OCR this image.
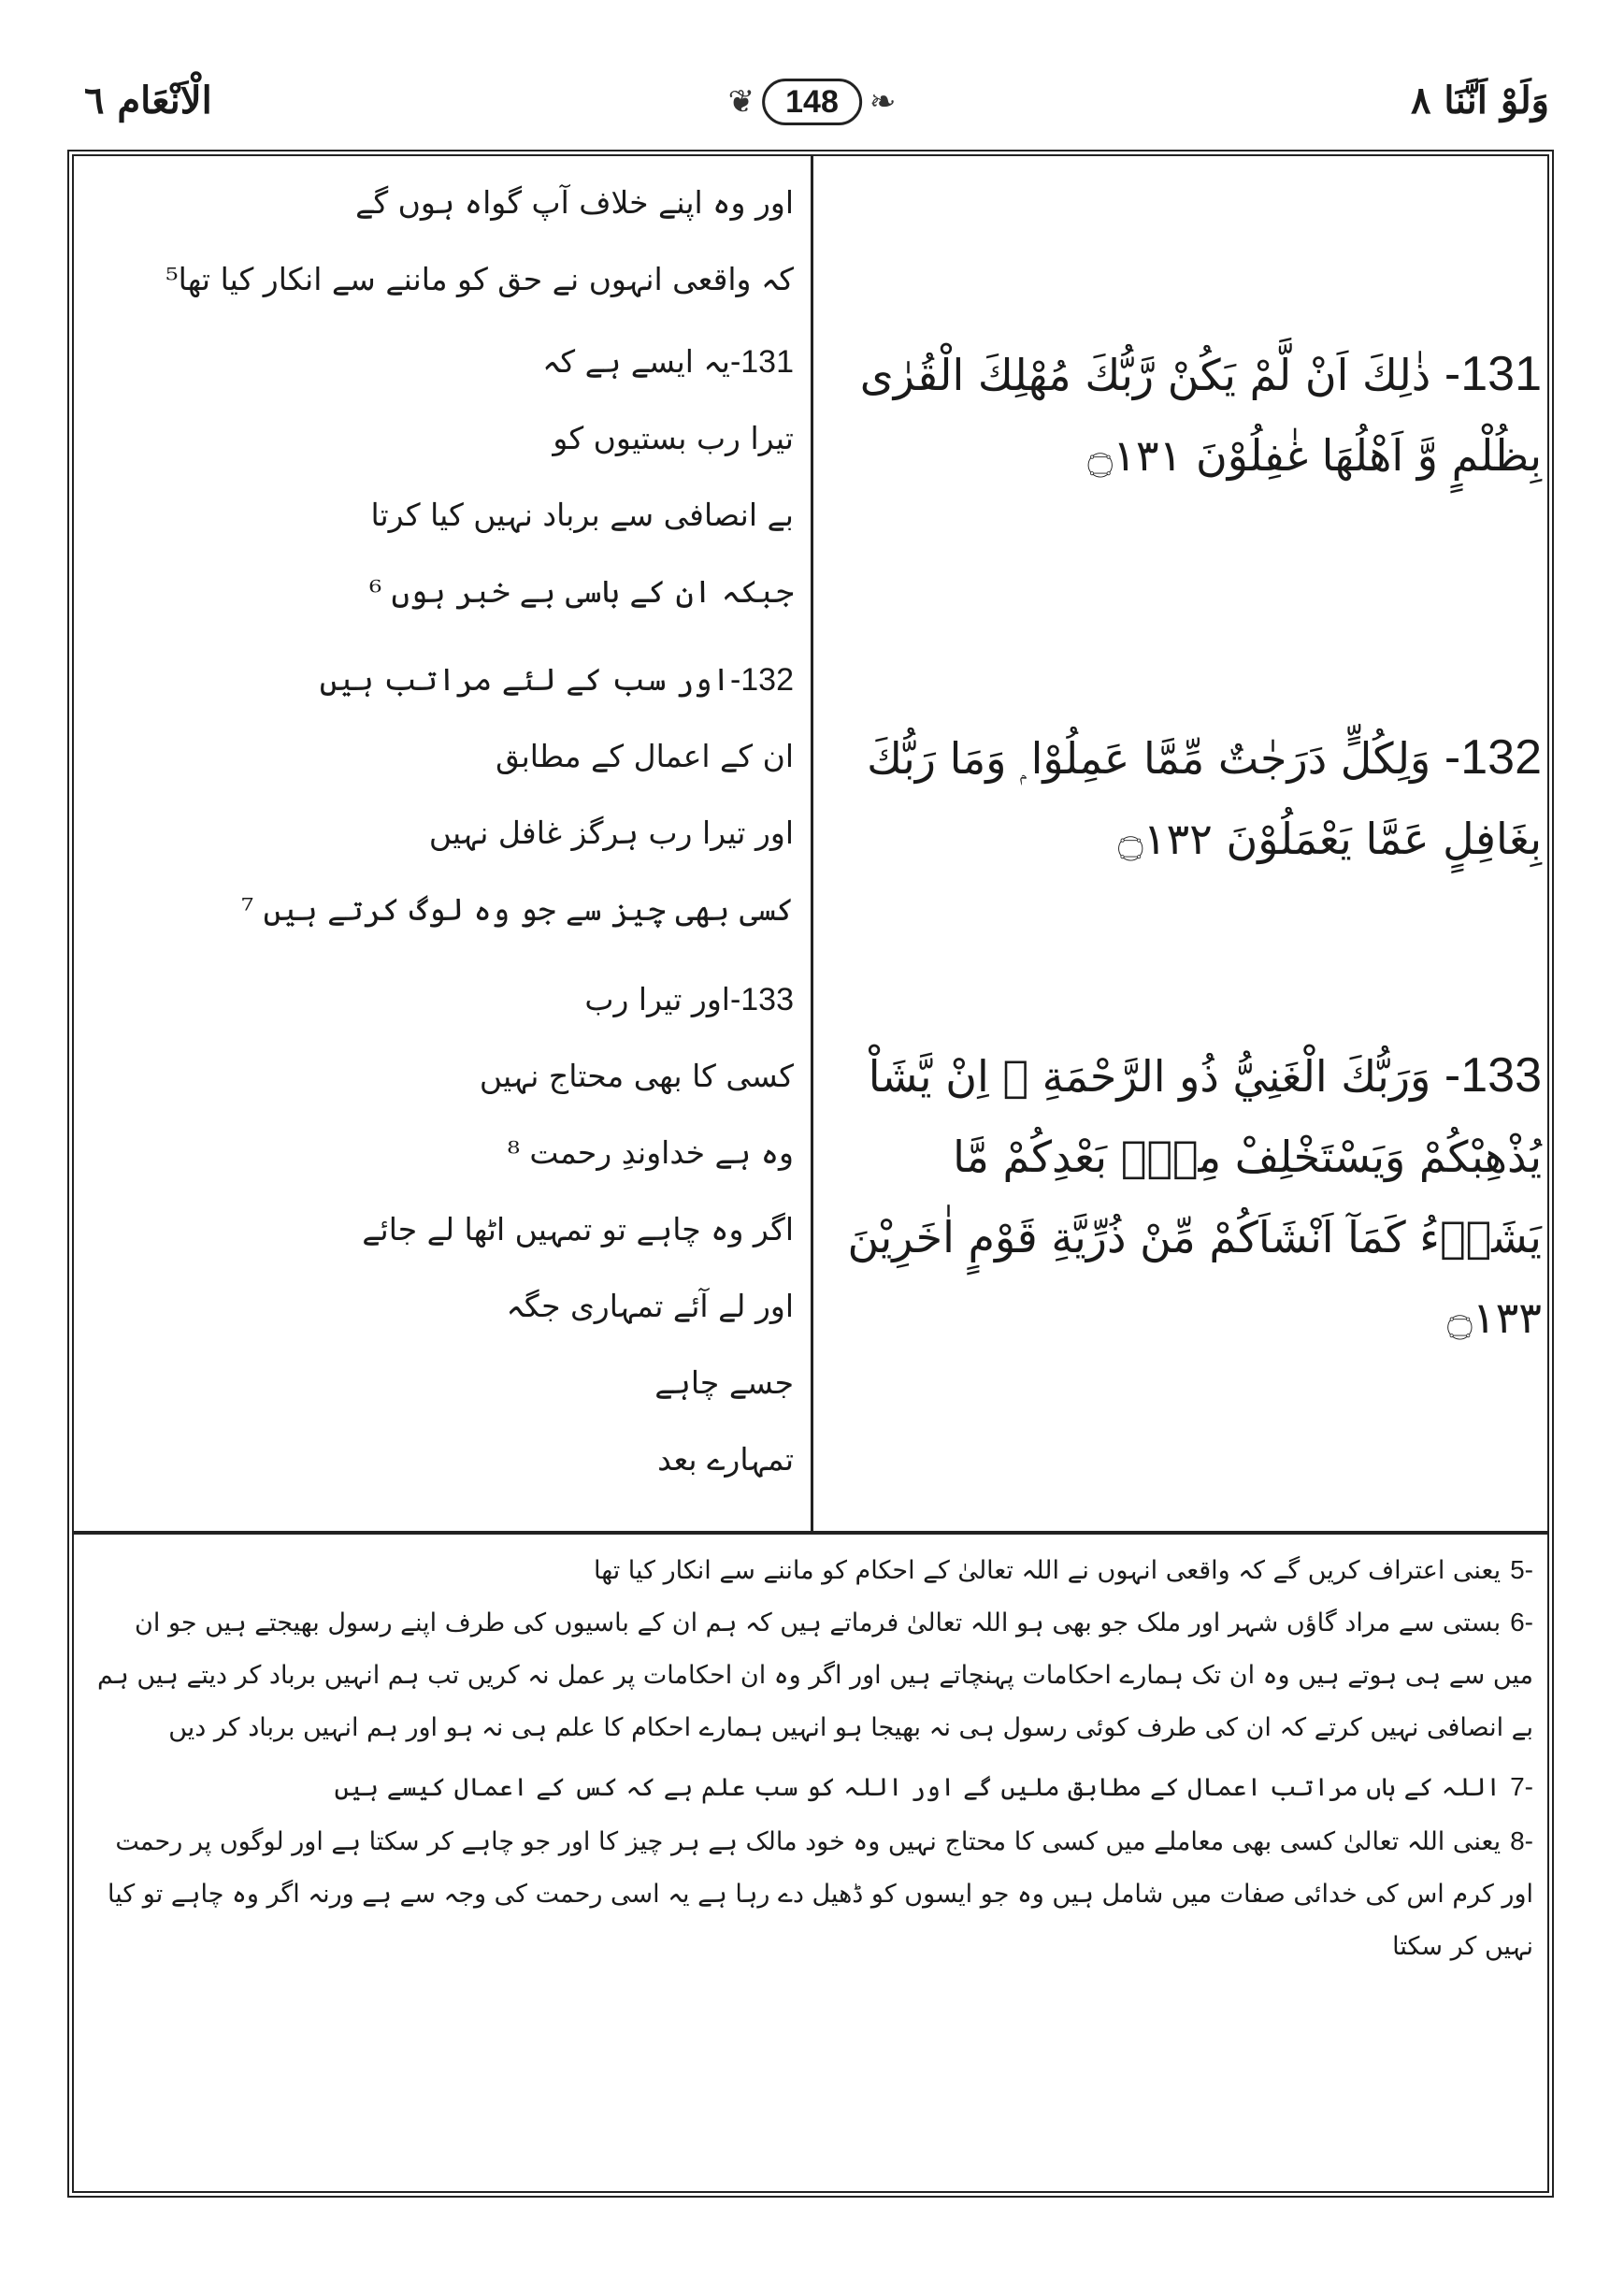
وَلَوْ اَنَّنَا ٨
❦ 148 ❧
الْاَنْعَام ٦
اور وہ اپنے خلاف آپ گواہ ہوں گے
کہ واقعی انہوں نے حق کو ماننے سے انکار کیا تھا⁵
131-یہ ایسے ہے کہ
تیرا رب بستیوں کو
بے انصافی سے برباد نہیں کیا کرتا
جبکہ ان کے باسی بے خبر ہوں ⁶
132-اور سب کے لئے مراتب ہیں
ان کے اعمال کے مطابق
اور تیرا رب ہرگز غافل نہیں
کسی بھی چیز سے جو وہ لوگ کرتے ہیں ⁷
133-اور تیرا رب
کسی کا بھی محتاج نہیں
وہ ہے خداوندِ رحمت ⁸
اگر وہ چاہے تو تمہیں اٹھا لے جائے
اور لے آئے تمہاری جگہ
جسے چاہے
تمہارے بعد
131- ذٰلِكَ اَنْ لَّمْ يَكُنْ رَّبُّكَ مُهْلِكَ الْقُرٰى بِظُلْمٍ وَّ اَهْلُهَا غٰفِلُوْنَ ۝١٣١
132- وَلِكُلٍّ دَرَجٰتٌ مِّمَّا عَمِلُوْا ۭ وَمَا رَبُّكَ بِغَافِلٍ عَمَّا يَعْمَلُوْنَ ۝١٣٢
133- وَرَبُّكَ الْغَنِيُّ ذُو الرَّحْمَةِ ۭ اِنْ يَّشَاْ يُذْهِبْكُمْ وَيَسْتَخْلِفْ مِنْۢ بَعْدِكُمْ مَّا يَشَاۗءُ كَمَآ اَنْشَاَكُمْ مِّنْ ذُرِّيَّةِ قَوْمٍ اٰخَرِيْنَ ۝١٣٣
-5یعنی اعتراف کریں گے کہ واقعی انہوں نے اللہ تعالیٰ کے احکام کو ماننے سے انکار کیا تھا
-6بستی سے مراد گاؤں شہر اور ملک جو بھی ہو اللہ تعالیٰ فرماتے ہیں کہ ہم ان کے باسیوں کی طرف اپنے رسول بھیجتے ہیں جو ان میں سے ہی ہوتے ہیں وہ ان تک ہمارے احکامات پہنچاتے ہیں اور اگر وہ ان احکامات پر عمل نہ کریں تب ہم انہیں برباد کر دیتے ہیں ہم بے انصافی نہیں کرتے کہ ان کی طرف کوئی رسول ہی نہ بھیجا ہو انہیں ہمارے احکام کا علم ہی نہ ہو اور ہم انہیں برباد کر دیں
-7اللہ کے ہاں مراتب اعمال کے مطابق ملیں گے اور اللہ کو سب علم ہے کہ کس کے اعمال کیسے ہیں
-8یعنی اللہ تعالیٰ کسی بھی معاملے میں کسی کا محتاج نہیں وہ خود مالک ہے ہر چیز کا اور جو چاہے کر سکتا ہے اور لوگوں پر رحمت اور کرم اس کی خدائی صفات میں شامل ہیں وہ جو ایسوں کو ڈھیل دے رہا ہے یہ اسی رحمت کی وجہ سے ہے ورنہ اگر وہ چاہے تو کیا نہیں کر سکتا
